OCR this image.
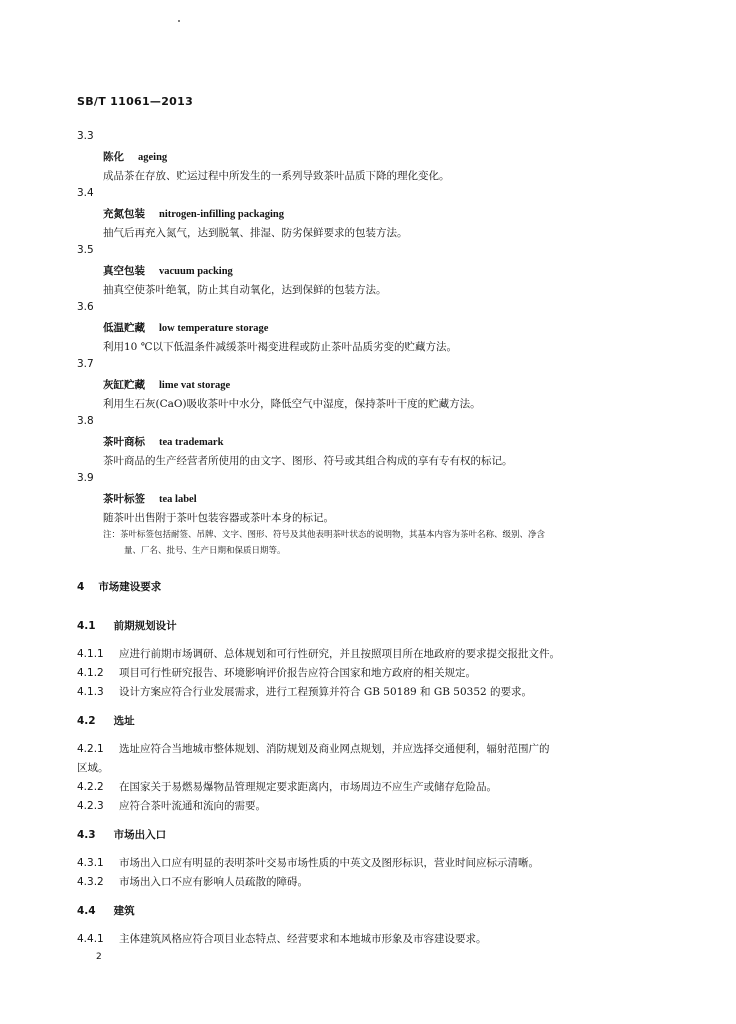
SB/T 11061—2013
3.3
陈化 ageing
成品茶在存放、贮运过程中所发生的一系列导致茶叶品质下降的理化变化。
3.4
充氮包装 nitrogen-infilling packaging
抽气后再充入氮气，达到脱氧、排湿、防劣保鲜要求的包装方法。
3.5
真空包装 vacuum packing
抽真空使茶叶绝氧，防止其自动氧化，达到保鲜的包装方法。
3.6
低温贮藏 low temperature storage
利用10 ℃以下低温条件减缓茶叶褐变进程或防止茶叶品质劣变的贮藏方法。
3.7
灰缸贮藏 lime vat storage
利用生石灰(CaO)吸收茶叶中水分，降低空气中湿度，保持茶叶干度的贮藏方法。
3.8
茶叶商标 tea trademark
茶叶商品的生产经营者所使用的由文字、图形、符号或其组合构成的享有专有权的标记。
3.9
茶叶标签 tea label
随茶叶出售附于茶叶包装容器或茶叶本身的标记。
注：茶叶标签包括耐签、吊牌、文字、图形、符号及其他表明茶叶状态的说明物，其基本内容为茶叶名称、级别、净含
量、厂名、批号、生产日期和保质日期等。
4 市场建设要求
4.1 前期规划设计
4.1.1 应进行前期市场调研、总体规划和可行性研究，并且按照项目所在地政府的要求提交报批文件。
4.1.2 项目可行性研究报告、环境影响评价报告应符合国家和地方政府的相关规定。
4.1.3 设计方案应符合行业发展需求，进行工程预算并符合 GB 50189 和 GB 50352 的要求。
4.2 选址
4.2.1 选址应符合当地城市整体规划、消防规划及商业网点规划，并应选择交通便利，辐射范围广的
区域。
4.2.2 在国家关于易燃易爆物品管理规定要求距离内，市场周边不应生产或储存危险品。
4.2.3 应符合茶叶流通和流向的需要。
4.3 市场出入口
4.3.1 市场出入口应有明显的表明茶叶交易市场性质的中英文及图形标识，营业时间应标示清晰。
4.3.2 市场出入口不应有影响人员疏散的障碍。
4.4 建筑
4.4.1 主体建筑风格应符合项目业态特点、经营要求和本地城市形象及市容建设要求。
2
